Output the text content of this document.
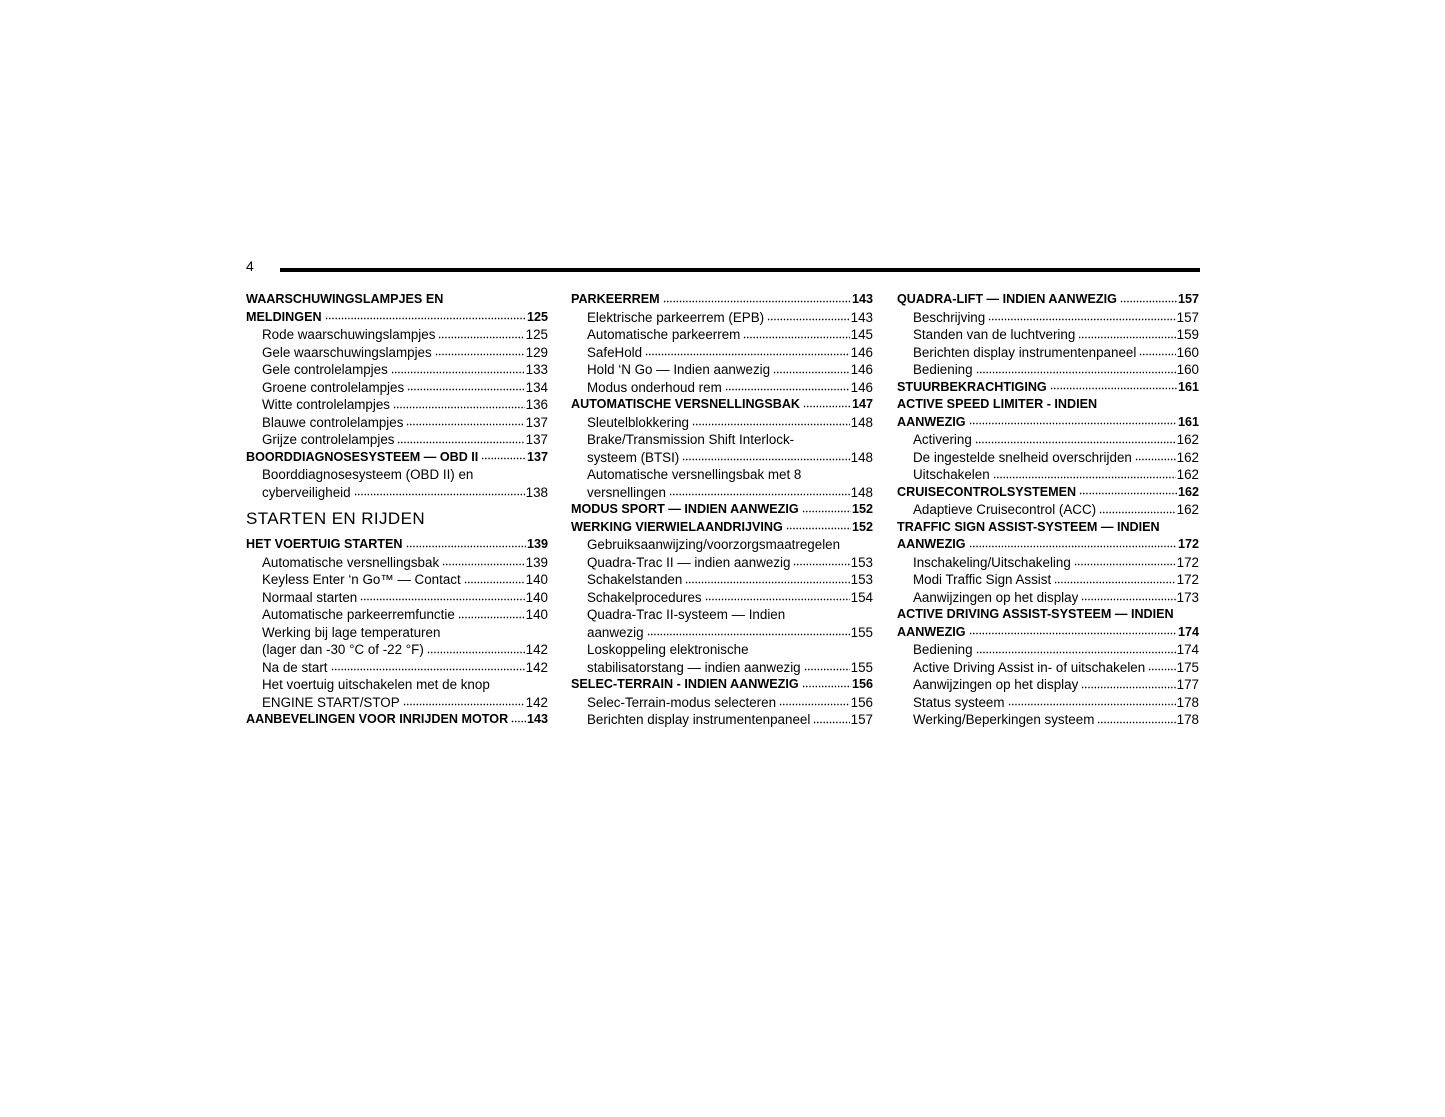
4
WAARSCHUWINGSLAMPJES EN
MELDINGEN	125
Rode waarschuwingslampjes	125
Gele waarschuwingslampjes	129
Gele controlelampjes	133
Groene controlelampjes	134
Witte controlelampjes	136
Blauwe controlelampjes	137
Grijze controlelampjes	137
BOORDDIAGNOSESYSTEEM — OBD II	137
Boorddiagnosesysteem (OBD II) en
cyberveiligheid	138
STARTEN EN RIJDEN
HET VOERTUIG STARTEN	139
Automatische versnellingsbak	139
Keyless Enter ‘n Go™ — Contact	140
Normaal starten	140
Automatische parkeerremfunctie	140
Werking bij lage temperaturen
(lager dan -30 °C of -22 °F)	142
Na de start	142
Het voertuig uitschakelen met de knop
ENGINE START/STOP	142
AANBEVELINGEN VOOR INRIJDEN MOTOR 143
PARKEERREM	143
Elektrische parkeerrem (EPB)	143
Automatische parkeerrem	145
SafeHold	146
Hold ‘N Go — Indien aanwezig	146
Modus onderhoud rem	146
AUTOMATISCHE VERSNELLINGSBAK	147
Sleutelblokkering	148
Brake/Transmission Shift Interlock-
systeem (BTSI)	148
Automatische versnellingsbak met 8
versnellingen	148
MODUS SPORT — INDIEN AANWEZIG	152
WERKING VIERWIELAANDRIJVING	152
Gebruiksaanwijzing/voorzorgsmaatregelen
Quadra-Trac II — indien aanwezig	153
Schakelstanden	153
Schakelprocedures	154
Quadra-Trac II-systeem — Indien
aanwezig	155
Loskoppeling elektronische
stabilisatorstang — indien aanwezig	155
SELEC-TERRAIN - INDIEN AANWEZIG	156
Selec-Terrain-modus selecteren	156
Berichten display instrumentenpaneel	157
QUADRA-LIFT — INDIEN AANWEZIG	157
Beschrijving	157
Standen van de luchtvering	159
Berichten display instrumentenpaneel	160
Bediening	160
STUURBEKRACHTIGING	161
ACTIVE SPEED LIMITER - INDIEN
AANWEZIG	161
Activering	162
De ingestelde snelheid overschrijden	162
Uitschakelen	162
CRUISECONTROLSYSTEMEN	162
Adaptieve Cruisecontrol (ACC)	162
TRAFFIC SIGN ASSIST-SYSTEEM — INDIEN
AANWEZIG	172
Inschakeling/Uitschakeling	172
Modi Traffic Sign Assist	172
Aanwijzingen op het display	173
ACTIVE DRIVING ASSIST-SYSTEEM — INDIEN
AANWEZIG	174
Bediening	174
Active Driving Assist in- of uitschakelen 175
Aanwijzingen op het display	177
Status systeem	178
Werking/Beperkingen systeem	178
